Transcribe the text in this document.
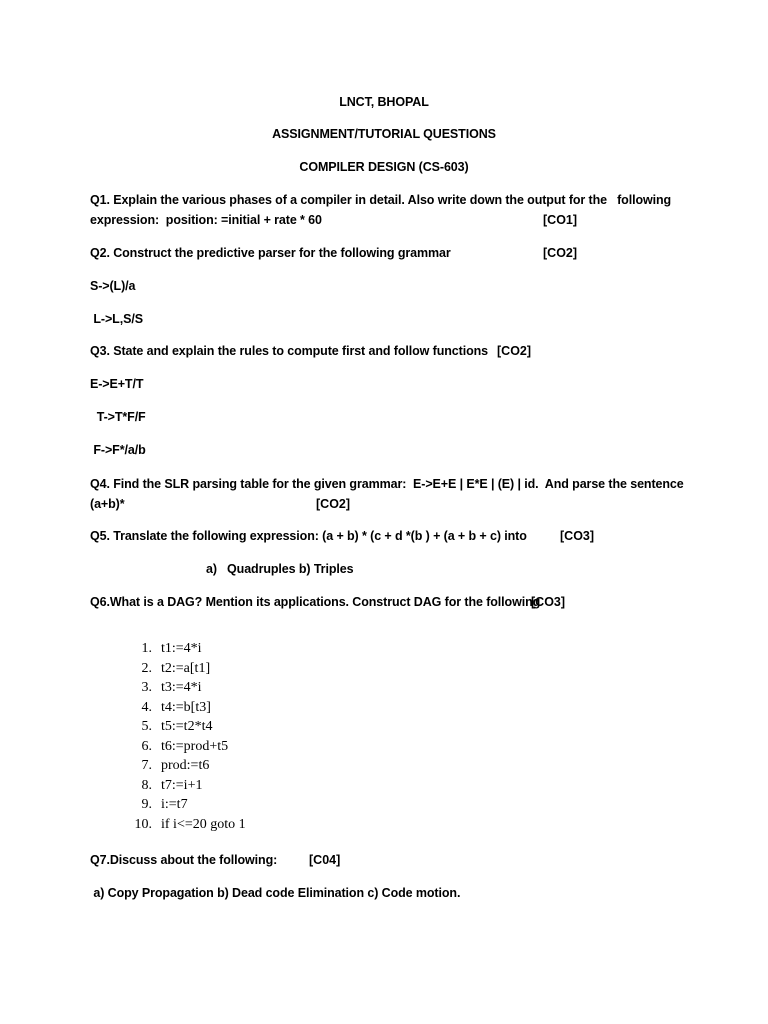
LNCT, BHOPAL
ASSIGNMENT/TUTORIAL QUESTIONS
COMPILER DESIGN (CS-603)
Q1. Explain the various phases of a compiler in detail. Also write down the output for the   following
expression:  position: =initial + rate * 60	[CO1]
Q2. Construct the predictive parser for the following grammar	[CO2]
S->(L)/a
L->L,S/S
Q3. State and explain the rules to compute first and follow functions [CO2]
E->E+T/T
T->T*F/F
F->F*/a/b
Q4. Find the SLR parsing table for the given grammar:  E->E+E | E*E | (E) | id.  And parse the sentence
(a+b)*	[CO2]
Q5. Translate the following expression: (a + b) * (c + d *(b ) + (a + b + c) into	[CO3]
a)   Quadruples b) Triples
Q6.What is a DAG? Mention its applications. Construct DAG for the following
[CO3]
1. t1:=4*i
2. t2:=a[t1]
3. t3:=4*i
4. t4:=b[t3]
5. t5:=t2*t4
6. t6:=prod+t5
7. prod:=t6
8. t7:=i+1
9. i:=t7
10. if i<=20 goto 1
Q7.Discuss about the following:	[C04]
a) Copy Propagation b) Dead code Elimination c) Code motion.
